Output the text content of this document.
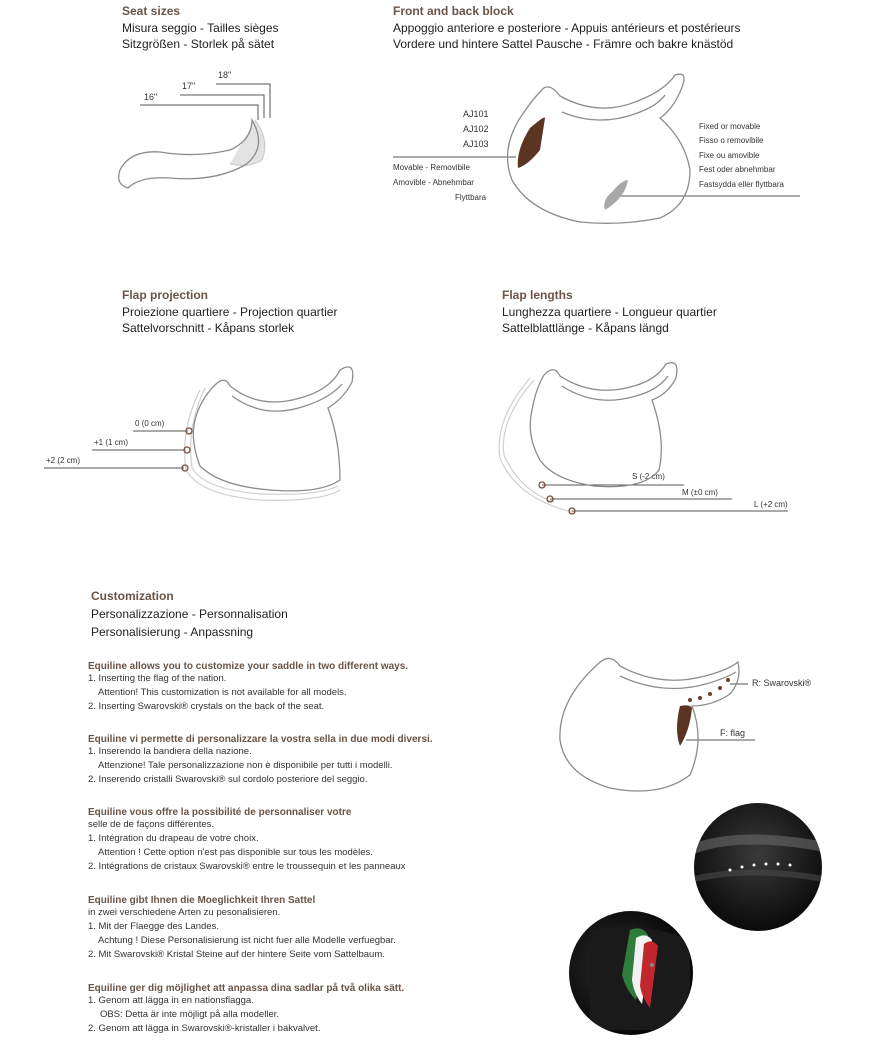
Seat sizes
Misura seggio - Tailles sièges
Sitzgrößen - Storlek på sätet
16"
17"
18"
Front and back block
Appoggio anteriore e posteriore - Appuis antérieurs et postérieurs
Vordere und hintere Sattel Pausche - Främre och bakre knästöd
AJ101
AJ102
AJ103
Movable - Removibile
Amovible - Abnehmbar
Flyttbara
Fixed or movable
Fisso o removibile
Fixe ou amovible
Fest oder abnehmbar
Fastsydda eller flyttbara
Flap projection
Proiezione quartiere - Projection quartier
Sattelvorschnitt - Kåpans storlek
0 (0 cm)
+1 (1 cm)
+2 (2 cm)
Flap lengths
Lunghezza quartiere - Longueur quartier
Sattelblattlänge - Kåpans längd
S (-2 cm)
M (±0 cm)
L (+2 cm)
Customization
Personalizzazione - Personnalisation
Personalisierung - Anpassning
Equiline allows you to customize your saddle in two different ways.
1. Inserting the flag of the nation.
Attention! This customization is not available for all models.
2. Inserting Swarovski® crystals on the back of the seat.
Equiline vi permette di personalizzare la vostra sella in due modi diversi.
1. Inserendo la bandiera della nazione.
Attenzione! Tale personalizzazione non è disponibile per tutti i modelli.
2. Inserendo cristalli Swarovski® sul cordolo posteriore del seggio.
Equiline vous offre la possibilité de personnaliser votre
selle de de façons différentes.
1. Intégration du drapeau de votre choix.
Attention ! Cette option n'est pas disponible sur tous les modèles.
2. Intégrations de cristaux Swarovski® entre le troussequin et les panneaux
Equiline gibt Ihnen die Moeglichkeit Ihren Sattel
in zwei verschiedene Arten zu pesonalisieren.
1. Mit der Flaegge des Landes.
Achtung ! Diese Personalisierung ist nicht fuer alle Modelle verfuegbar.
2. Mit Swarovski® Kristal Steine auf der hintere Seite vom Sattelbaum.
Equiline ger dig möjlighet att anpassa dina sadlar på två olika sätt.
1. Genom att lägga in en nationsflagga.
OBS: Detta är inte möjligt på alla modeller.
2. Genom att lägga in Swarovski®-kristaller i bakvalvet.
R: Swarovski®
F: flag
